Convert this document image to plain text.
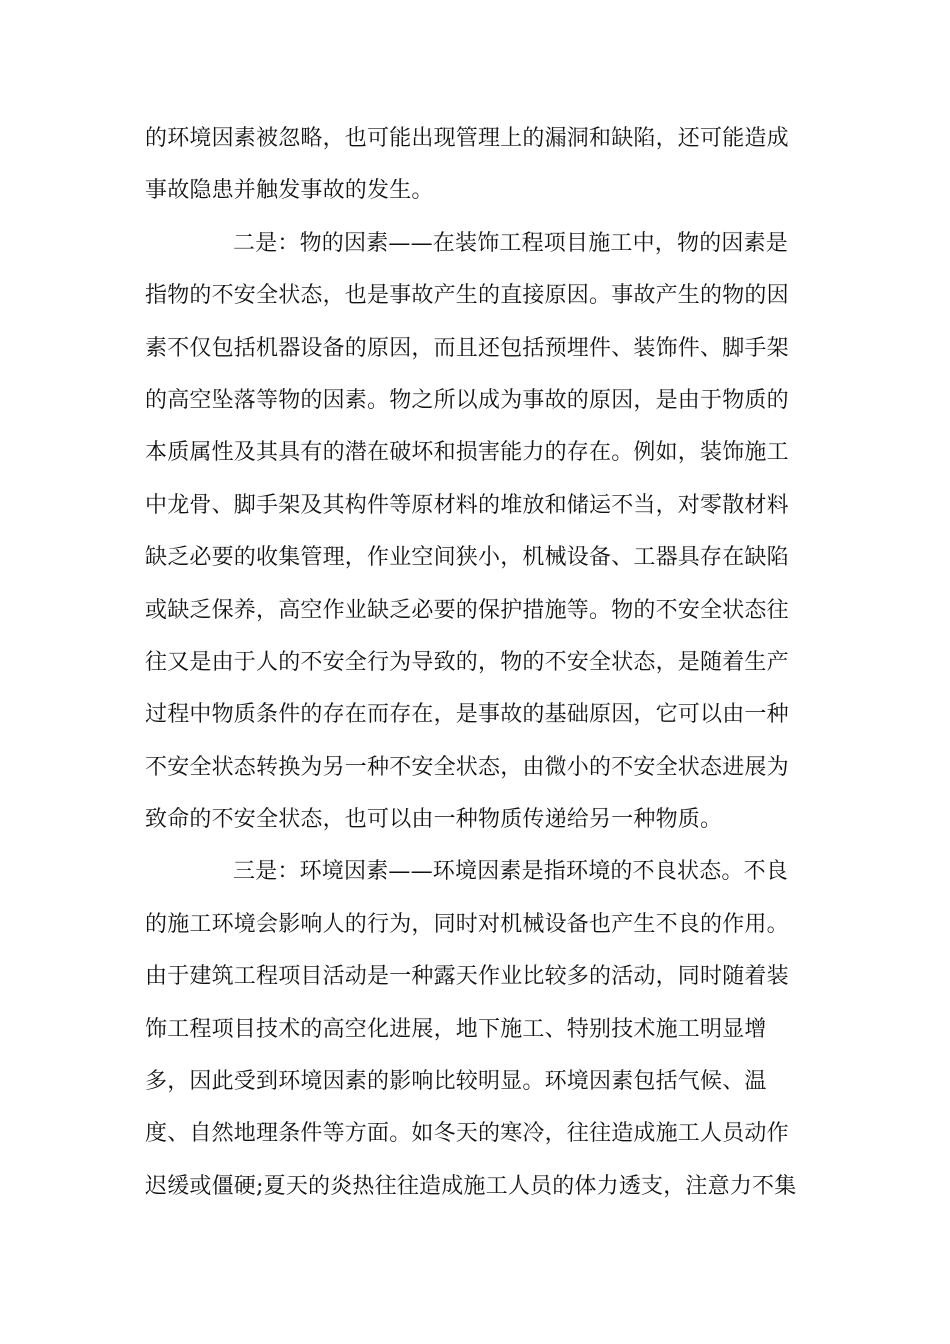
的环境因素被忽略，也可能出现管理上的漏洞和缺陷，还可能造成
事故隐患并触发事故的发生。
二是：物的因素——在装饰工程项目施工中，物的因素是
指物的不安全状态，也是事故产生的直接原因。事故产生的物的因
素不仅包括机器设备的原因，而且还包括预埋件、装饰件、脚手架
的高空坠落等物的因素。物之所以成为事故的原因，是由于物质的
本质属性及其具有的潜在破坏和损害能力的存在。例如，装饰施工
中龙骨、脚手架及其构件等原材料的堆放和储运不当，对零散材料
缺乏必要的收集管理，作业空间狭小，机械设备、工器具存在缺陷
或缺乏保养，高空作业缺乏必要的保护措施等。物的不安全状态往
往又是由于人的不安全行为导致的，物的不安全状态，是随着生产
过程中物质条件的存在而存在，是事故的基础原因，它可以由一种
不安全状态转换为另一种不安全状态，由微小的不安全状态进展为
致命的不安全状态，也可以由一种物质传递给另一种物质。
三是：环境因素——环境因素是指环境的不良状态。不良
的施工环境会影响人的行为，同时对机械设备也产生不良的作用。
由于建筑工程项目活动是一种露天作业比较多的活动，同时随着装
饰工程项目技术的高空化进展，地下施工、特别技术施工明显增
多，因此受到环境因素的影响比较明显。环境因素包括气候、温
度、自然地理条件等方面。如冬天的寒冷，往往造成施工人员动作
迟缓或僵硬;夏天的炎热往往造成施工人员的体力透支，注意力不集
